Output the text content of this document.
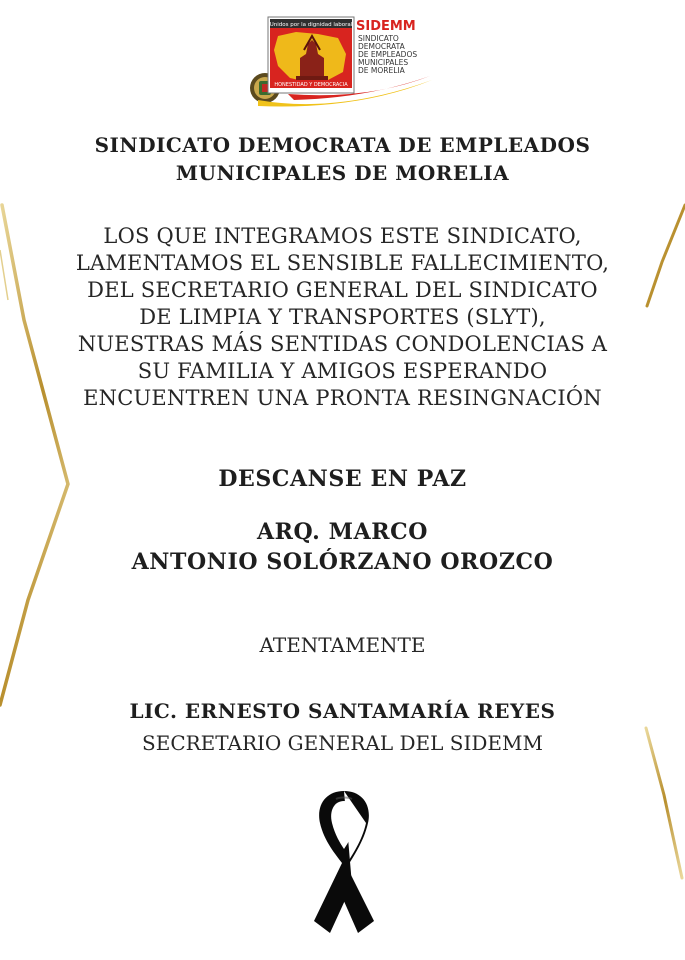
Unidos por la dignidad laboral
HONESTIDAD Y DEMOCRACIA
SIDEMM
SINDICATO
DEMOCRATA
DE EMPLEADOS
MUNICIPALES
DE MORELIA
SINDICATO DEMOCRATA DE EMPLEADOS
MUNICIPALES DE MORELIA
LOS QUE INTEGRAMOS ESTE SINDICATO,
LAMENTAMOS EL SENSIBLE FALLECIMIENTO,
DEL SECRETARIO GENERAL DEL SINDICATO
DE LIMPIA Y TRANSPORTES (SLYT),
NUESTRAS MÁS SENTIDAS CONDOLENCIAS A
SU FAMILIA Y AMIGOS ESPERANDO
ENCUENTREN UNA PRONTA RESINGNACIÓN
DESCANSE EN PAZ
ARQ. MARCO
ANTONIO SOLÓRZANO OROZCO
ATENTAMENTE
LIC. ERNESTO SANTAMARÍA REYES
SECRETARIO GENERAL DEL SIDEMM
